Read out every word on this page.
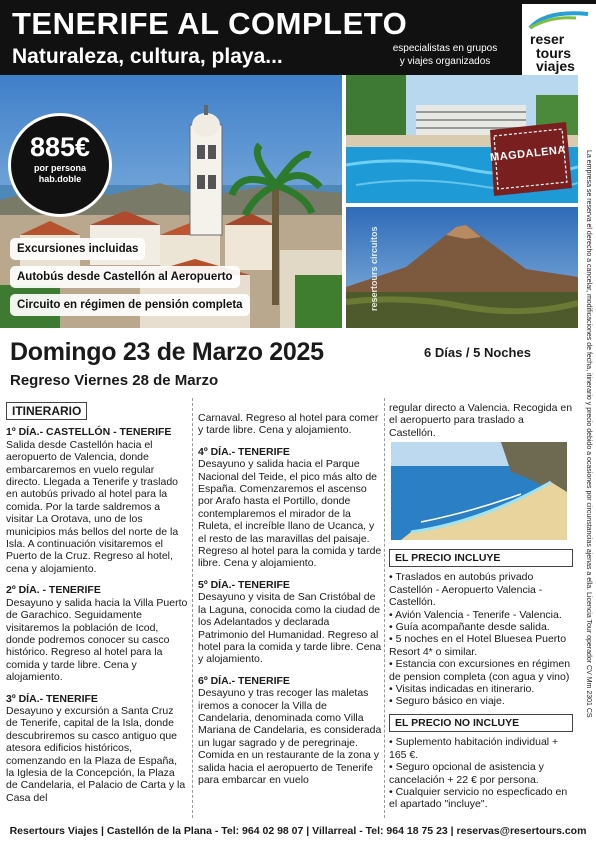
TENERIFE AL COMPLETO
Naturaleza, cultura, playa...	especialistas en grupos
y viajes organizados
reser
tours
viajes
885€
por persona
hab.doble
Excursiones incluidas
Autobús desde Castellón al Aeropuerto
Circuito en régimen de pensión completa
MAGDALENA
resertours circuitos	La empresa se reserva el derecho a cancelar, modificaciones de fecha, itinerario y precio debido a ocasiones por circunstancias ajenas a ella. Licencia Tour operador CV Mm 2301 CS
Domingo 23 de Marzo 2025	6 Días / 5 Noches
Regreso Viernes 28 de Marzo
ITINERARIO
1º DÍA.- CASTELLÓN - TENERIFE

Salida desde Castellón hacia el aeropuerto de Valencia, donde embarcaremos en vuelo regular directo. Llegada a Tenerife y traslado en autobús privado al hotel para la comida. Por la tarde saldremos a visitar La Orotava, uno de los municipios más bellos del norte de la Isla. A continuación visitaremos el Puerto de la Cruz. Regreso al hotel, cena y alojamiento.

2º DÍA. - TENERIFE

Desayuno y salida hacia la Villa Puerto de Garachico. Seguidamente visitaremos la población de Icod, donde podremos conocer su casco histórico. Regreso al hotel para la comida y tarde libre. Cena y alojamiento.

3º DÍA.- TENERIFE

Desayuno y excursión a Santa Cruz de Tenerife, capital de la Isla, donde descubriremos su casco antiguo que atesora edificios históricos, comenzando en la Plaza de España, la Iglesia de la Concepción, la Plaza de Candelaria, el Palacio de Carta y la Casa del

Carnaval. Regreso al hotel para comer y tarde libre. Cena y alojamiento.

4º DÍA.- TENERIFE

Desayuno y salida hacia el Parque Nacional del Teide, el pico más alto de España. Comenzaremos el ascenso por Arafo hasta el Portillo, donde contemplaremos el mirador de la Ruleta, el increíble llano de Ucanca, y el resto de las maravillas del paisaje. Regreso al hotel para la comida y tarde libre. Cena y alojamiento.

5º DÍA.- TENERIFE

Desayuno y visita de San Cristóbal de la Laguna, conocida como la ciudad de los Adelantados y declarada Patrimonio del Humanidad. Regreso al hotel para la comida y tarde libre. Cena y alojamiento.

6º DÍA.- TENERIFE

Desayuno y tras recoger las maletas iremos a conocer la Villa de Candelaria, denominada como Villa Mariana de Candelaria, es considerada un lugar sagrado y de peregrinaje. Comida en un restaurante de la zona y salida hacia el aeropuerto de Tenerife para embarcar en vuelo

regular directo a Valencia. Recogida en el aeropuerto para traslado a Castellón.

EL PRECIO INCLUYE
• Traslados en autobús privado Castellón - Aeropuerto Valencia - Castellón.
• Avión Valencia - Tenerife - Valencia.
• Guía acompañante desde salida.
• 5 noches en el Hotel Bluesea Puerto Resort 4* o similar.
• Estancia con excursiones en régimen de pension completa (con agua y vino)
• Visitas indicadas en itinerario.
• Seguro básico en viaje.
EL PRECIO NO INCLUYE
• Suplemento habitación individual + 165 €.
• Seguro opcional de asistencia y cancelación + 22 € por persona.
• Cualquier servicio no especficado en el apartado "incluye".
Resertours Viajes | Castellón de la Plana - Tel: 964 02 98 07 | Villarreal - Tel: 964 18 75 23 | reservas@resertours.com
